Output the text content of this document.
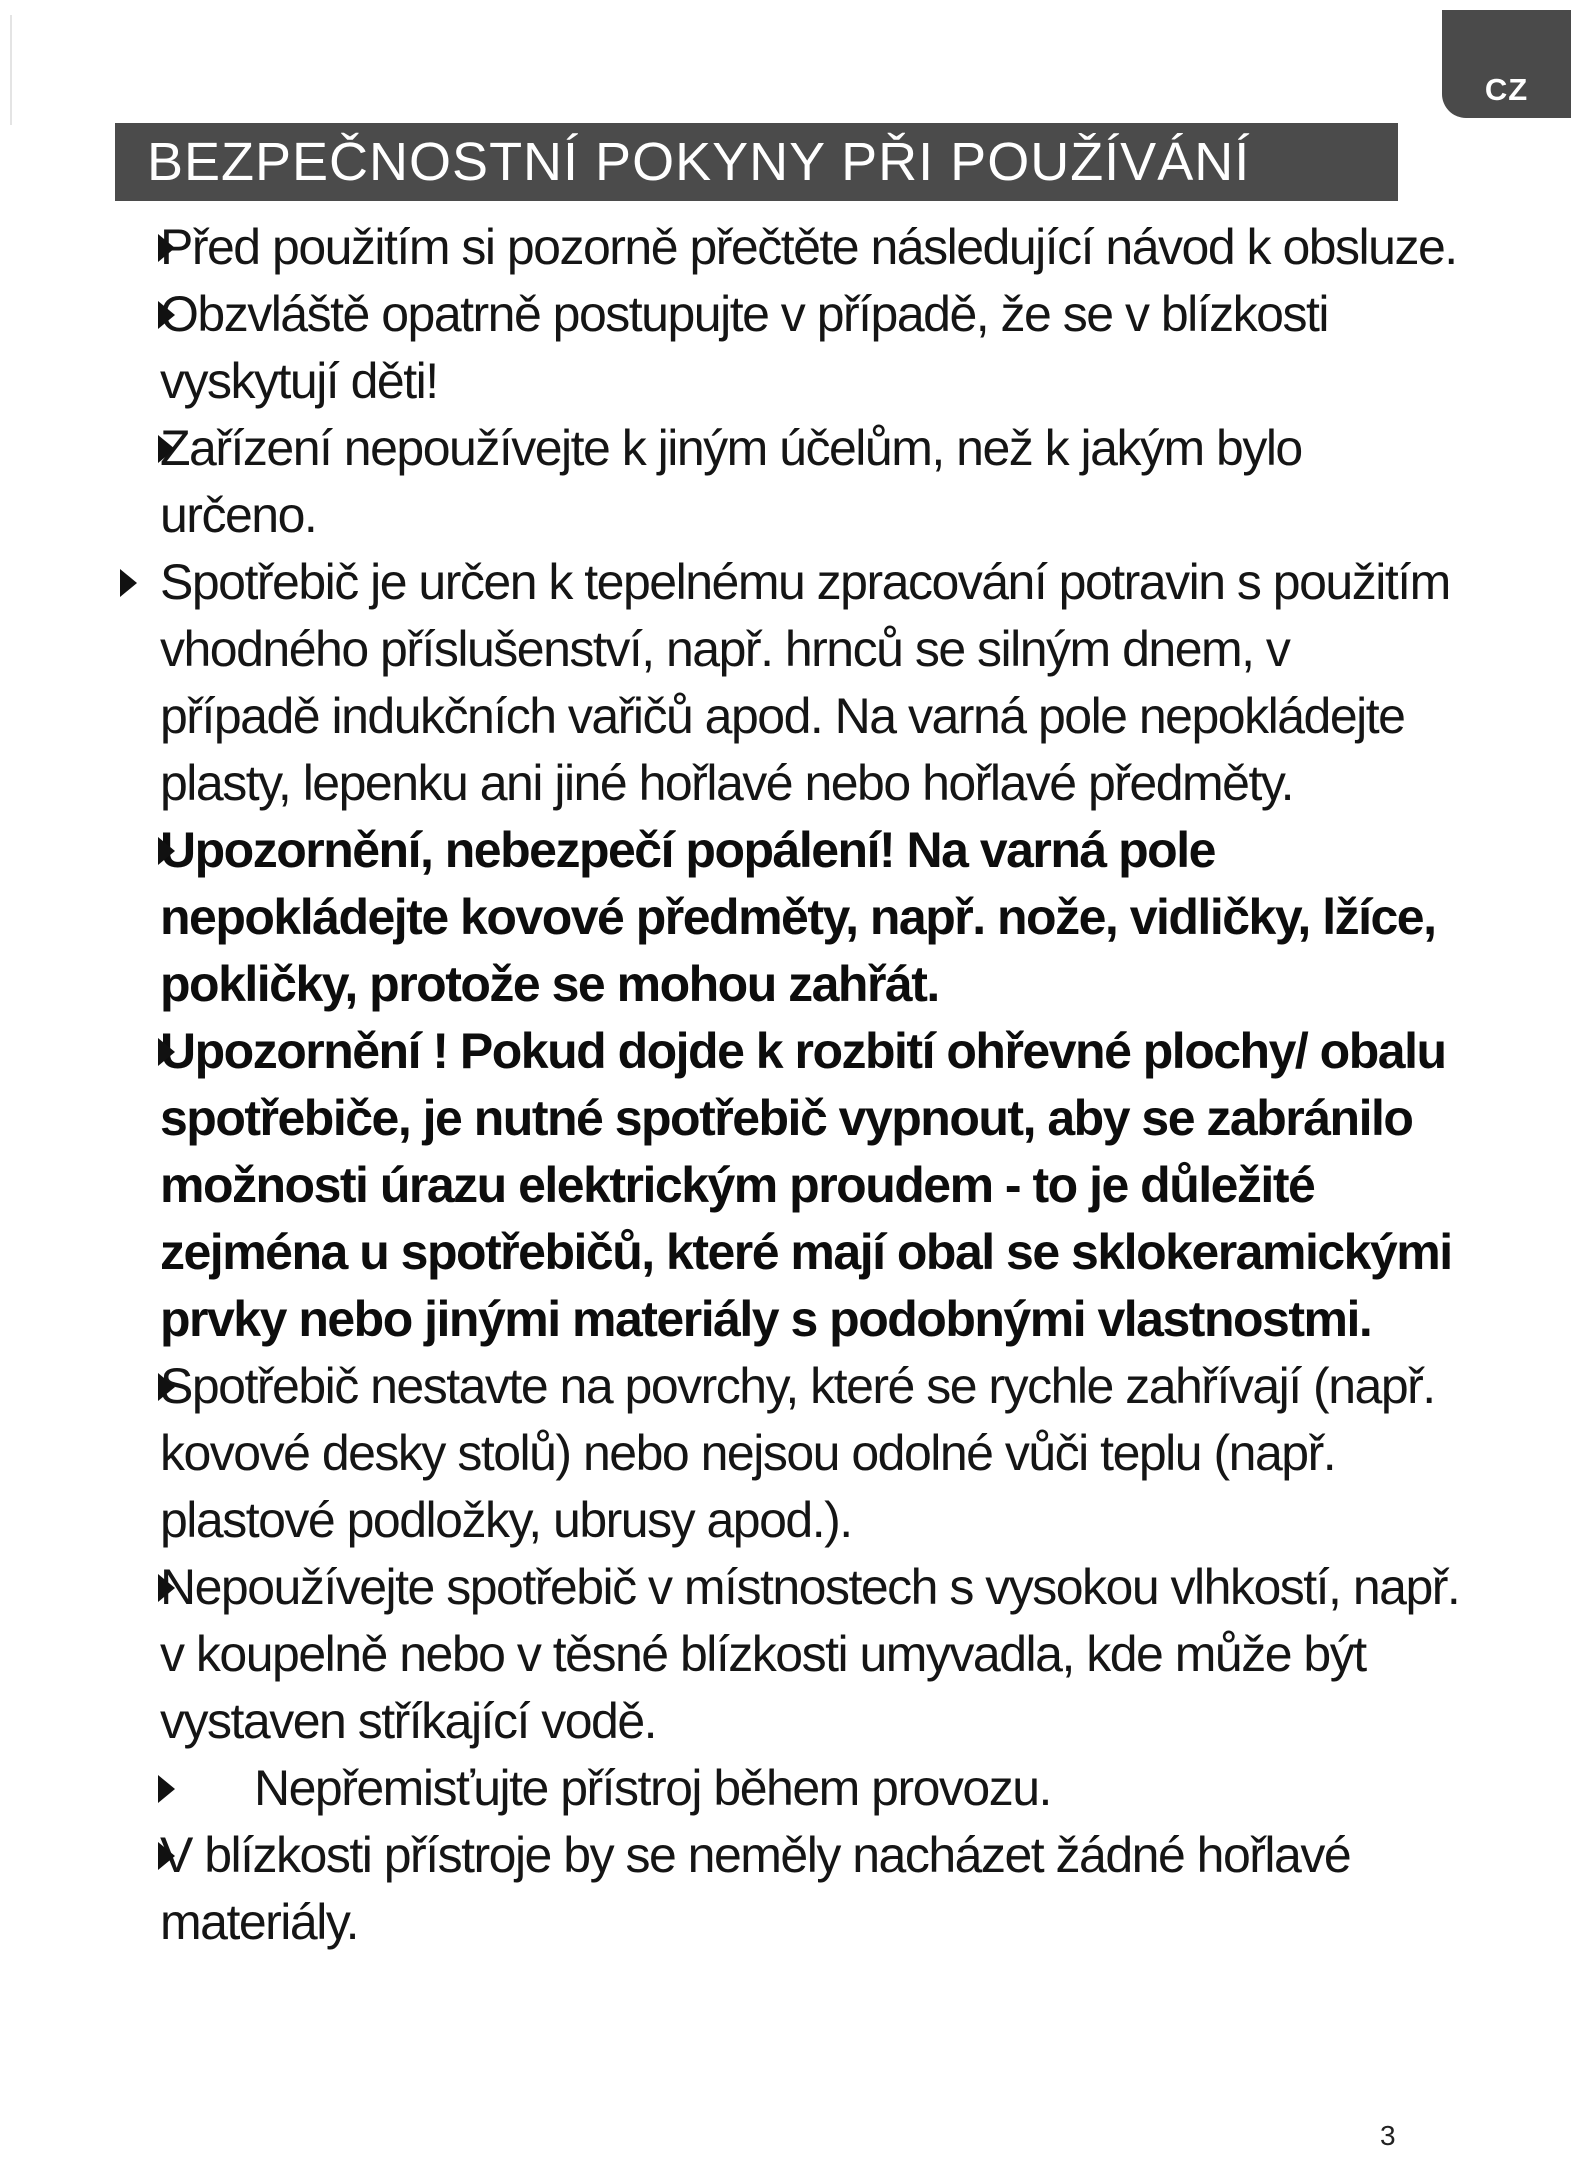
CZ
BEZPEČNOSTNÍ POKYNY PŘI POUŽÍVÁNÍ
Před použitím si pozorně přečtěte následující návod k obsluze.
Obzvláště opatrně postupujte v případě, že se v blízkosti vyskytují děti!
Zařízení nepoužívejte k jiným účelům, než k jakým bylo určeno.
Spotřebič je určen k tepelnému zpracování potravin s použitím vhodného příslušenství, např. hrnců se silným dnem, v případě indukčních vařičů apod. Na varná pole nepokládejte plasty, lepenku ani jiné hořlavé nebo hořlavé předměty.
Upozornění, nebezpečí popálení! Na varná pole nepokládejte kovové předměty, např. nože, vidličky, lžíce, pokličky, protože se mohou zahřát.
Upozornění ! Pokud dojde k rozbití ohřevné plochy/ obalu spotřebiče, je nutné spotřebič vypnout, aby se zabránilo možnosti úrazu elektrickým proudem - to je důležité zejména u spotřebičů, které mají obal se sklokeramickými prvky nebo jinými materiály s podobnými vlastnostmi.
Spotřebič nestavte na povrchy, které se rychle zahřívají (např. kovové desky stolů) nebo nejsou odolné vůči teplu (např. plastové podložky, ubrusy apod.).
Nepoužívejte spotřebič v místnostech s vysokou vlhkostí, např. v koupelně nebo v těsné blízkosti umyvadla, kde může být vystaven stříkající vodě.
Nepřemisťujte přístroj během provozu.
V blízkosti přístroje by se neměly nacházet žádné hořlavé materiály.
3
